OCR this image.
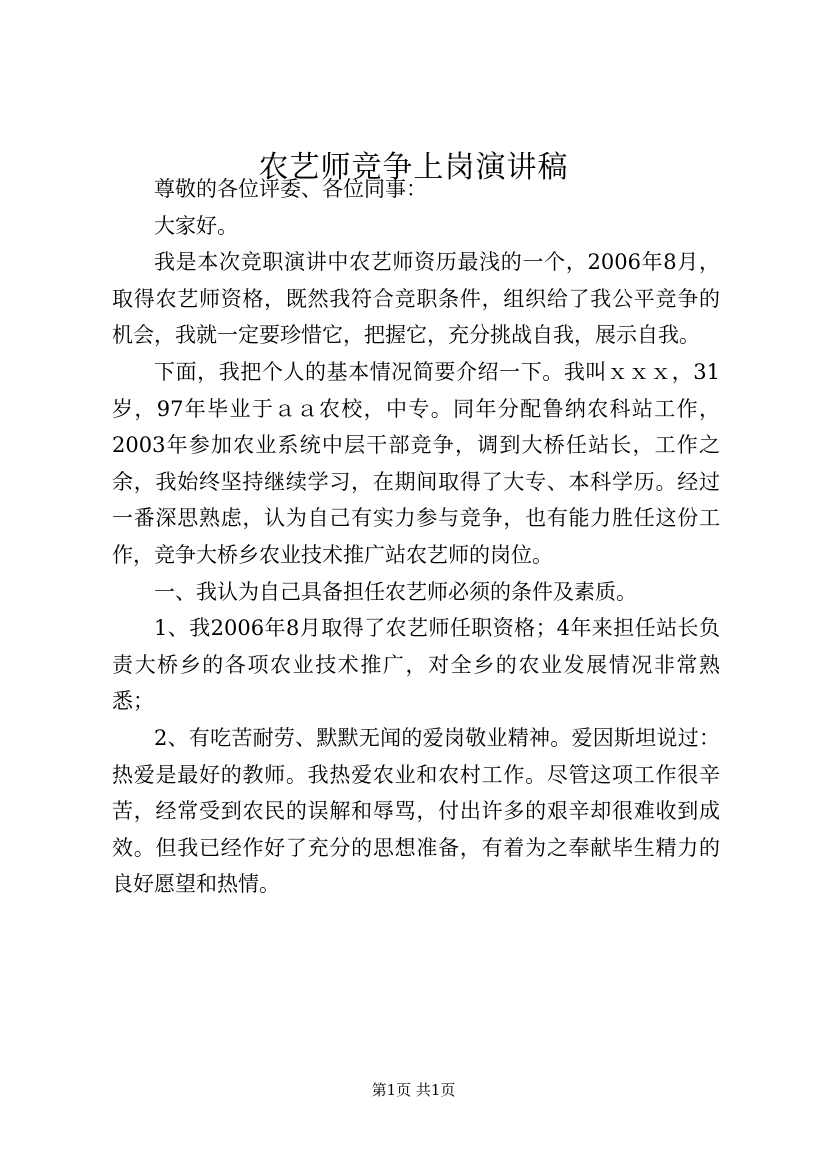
农艺师竞争上岗演讲稿

尊敬的各位评委、各位同事：

大家好。

我是本次竞职演讲中农艺师资历最浅的一个，2006年8月，取得农艺师资格，既然我符合竞职条件，组织给了我公平竞争的机会，我就一定要珍惜它，把握它，充分挑战自我，展示自我。

下面，我把个人的基本情况简要介绍一下。我叫ｘｘｘ，31岁，97年毕业于ａａ农校，中专。同年分配鲁纳农科站工作，2003年参加农业系统中层干部竞争，调到大桥任站长，工作之余，我始终坚持继续学习，在期间取得了大专、本科学历。经过一番深思熟虑，认为自己有实力参与竞争，也有能力胜任这份工作，竞争大桥乡农业技术推广站农艺师的岗位。

一、我认为自己具备担任农艺师必须的条件及素质。

1、我2006年8月取得了农艺师任职资格；4年来担任站长负责大桥乡的各项农业技术推广，对全乡的农业发展情况非常熟悉；

2、有吃苦耐劳、默默无闻的爱岗敬业精神。爱因斯坦说过：热爱是最好的教师。我热爱农业和农村工作。尽管这项工作很辛苦，经常受到农民的误解和辱骂，付出许多的艰辛却很难收到成效。但我已经作好了充分的思想准备，有着为之奉献毕生精力的良好愿望和热情。

第1页 共1页
